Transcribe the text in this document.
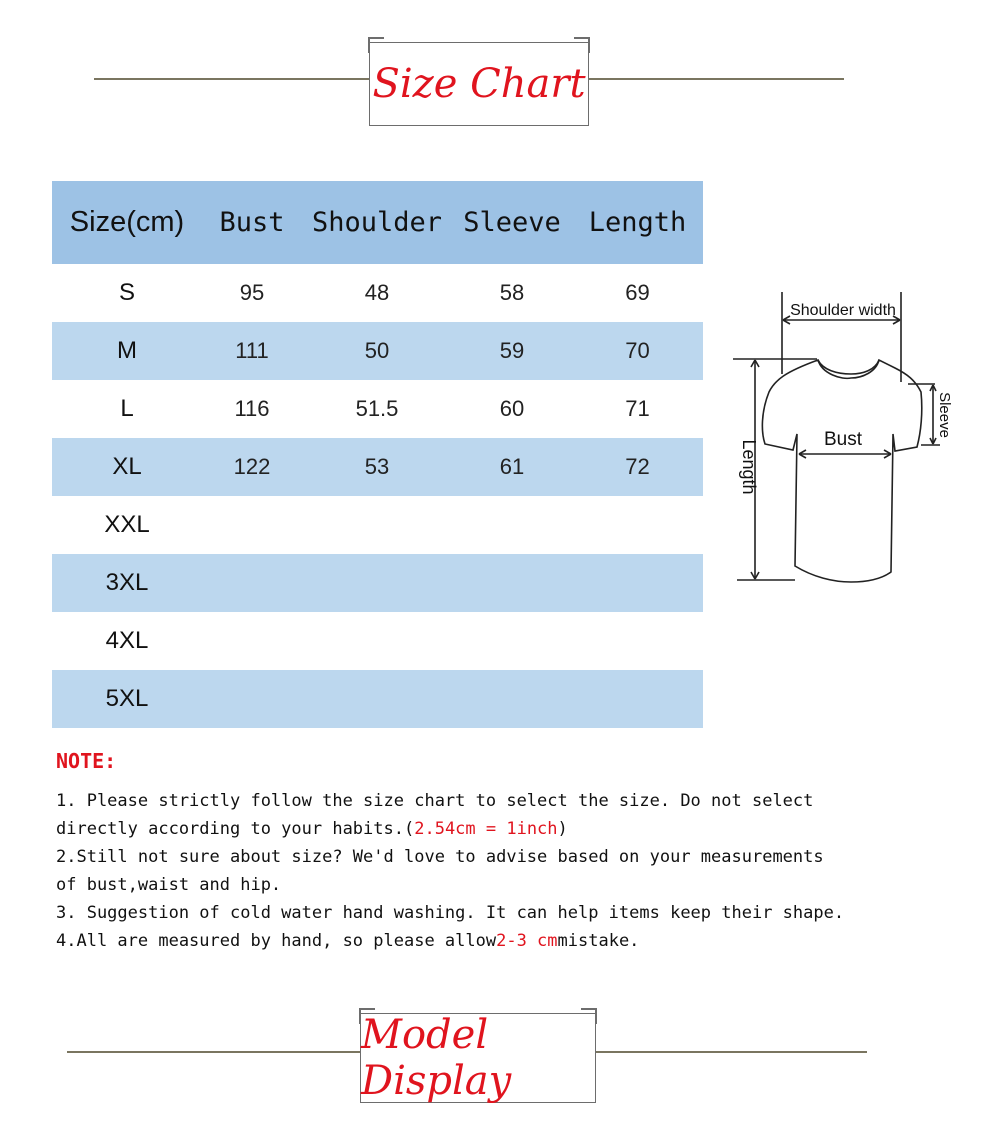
Size Chart
Size(cm)	Bust	Shoulder	Sleeve	Length
S	95	48	58	69
M	111	50	59	70
L	116	51.5	60	71
XL	122	53	61	72
XXL				
3XL				
4XL				
5XL				
Shoulder width
Bust
Length
Sleeve
NOTE:
1. Please strictly follow the size chart to select the size. Do not select
directly according to your habits.(2.54cm = 1inch)
2.Still not sure about size? We'd love to advise based on your measurements
of bust,waist and hip.
3. Suggestion of cold water hand washing. It can help items keep their shape.
4.All are measured by hand, so please allow2-3 cmmistake.
Model Display
